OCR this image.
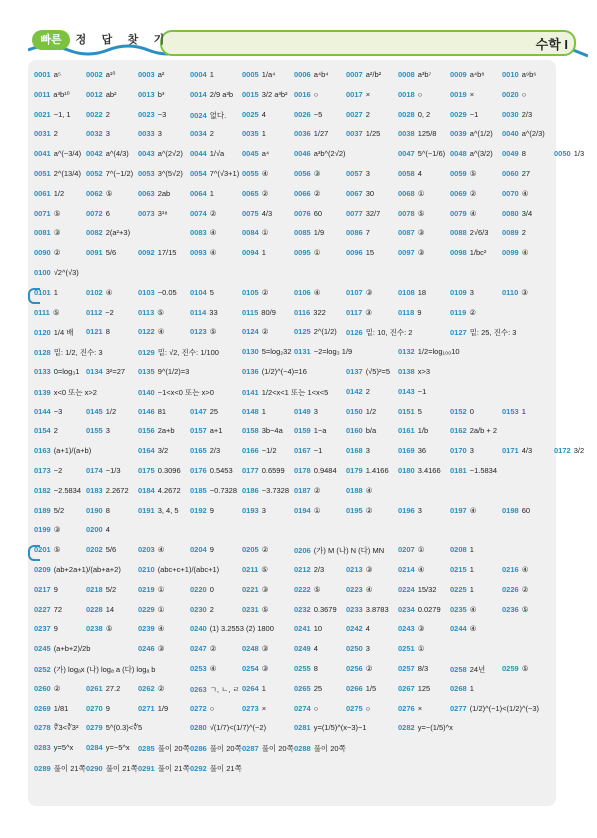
수학 I
빠른	정	답	찾	기
0001 a⁵	0002 a¹⁰	0003 a²	0004 1	0005 1/a⁴ 0006 a⁴b⁴ 0007 a²/b² 0008 a³b⁷	0009 a⁴b⁸ 0010 a⁹b⁶
0011 a³b¹⁰ 0012 ab²	0013 b³	0014 2/9 a³b 0015 3/2 a³b² 0016 ○	0017 ×	0018 ○	0019 ×	0020 ○
0021 −1, 1 0022 2	0023 −3	0024 없다. 0025 4	0026 −5	0027 2	0028 0, 2	0029 −1	0030 2/3
0031 2	0032 3	0033 3	0034 2	0035 1	0036 1/27 0037 1/25 0038 125/8 0039 a^(1/2) 0040 a^(2/3)
0041 a^(−3/4) 0042 a^(4/3) 0043 a^(2√2) 0044 1/√a 0045 a⁴	0046 a³b^(2√2)	0047 5^(−1/6) 0048 a^(3/2) 0049 8	0050 1/3
0051 2^(13/4) 0052 7^(−1/2) 0053 3^(5√2) 0054 7^(√3+1) 0055 ④	0056 ③	0057 3	0058 4	0059 ⑤	0060 27
0061 1/2	0062 ⑤	0063 2ab	0064 1	0065 ②	0066 ②	0067 30	0068 ①	0069 ②	0070 ④
0071 ⑤	0072 6	0073 3¹⁸	0074 ②	0075 4/3	0076 60	0077 32/7 0078 ⑤	0079 ④	0080 3/4
0081 ③	0082 2(a²+3)	0083 ④	0084 ①	0085 1/9	0086 7	0087 ③	0088 2√6/3 0089 2
0090 ②	0091 5/6	0092 17/15 0093 ④	0094 1	0095 ①	0096 15	0097 ③	0098 1/bc² 0099 ④
0100 √2^(√3)
0101 1	0102 ④	0103 −0.05 0104 5	0105 ②	0106 ④	0107 ③	0108 18	0109 3	0110 ③
0111 ⑤	0112 −2	0113 ⑤	0114 33	0115 80/9 0116 322	0117 ③	0118 9	0119 ②
0120 1/4 배 0121 8	0122 ④	0123 ⑤	0124 ②	0125 2^(1/2) 0126 밑: 10, 진수: 2	0127 밑: 25, 진수: 3
0128 밑: 1/2, 진수: 3	0129 밑: √2, 진수: 1/100	0130 5=log₂32 0131 −2=log₃ 1/9	0132 1/2=log₁₀₀10
0133 0=log₃1 0134 3²=27 0135 9^(1/2)=3	0136 (1/2)^(−4)=16	0137 (√5)²=5 0138 x>3
0139 x<0 또는 x>2	0140 −1<x<0 또는 x>0	0141 1/2<x<1 또는 1<x<5 0142 2	0143 −1
0144 −3	0145 1/2	0146 81	0147 25	0148 1	0149 3	0150 1/2	0151 5	0152 0	0153 1
0154 2	0155 3	0156 2a+b 0157 a+1	0158 3b−4a 0159 1−a	0160 b/a	0161 1/b	0162 2a/b + 2
0163 (a+1)/(a+b)	0164 3/2	0165 2/3	0166 −1/2 0167 −1	0168 3	0169 36	0170 3	0171 4/3	0172 3/2
0173 −2	0174 −1/3 0175 0.3096 0176 0.5453 0177 0.6599 0178 0.9484 0179 1.4166 0180 3.4166 0181 −1.5834
0182 −2.5834 0183 2.2672 0184 4.2672 0185 −0.7328 0186 −3.7328 0187 ②	0188 ④
0189 5/2	0190 8	0191 3, 4, 5 0192 9	0193 3	0194 ①	0195 ②	0196 3	0197 ④	0198 60
0199 ③	0200 4
0201 ⑤	0202 5/6	0203 ④	0204 9	0205 ②	0206 (가) M (나) N (다) MN 0207 ①	0208 1
0209 (ab+2a+1)/(ab+a+2) 0210 (abc+c+1)/(abc+1)	0211 ⑤	0212 2/3	0213 ③	0214 ④	0215 1	0216 ④
0217 9	0218 5/2	0219 ①	0220 0	0221 ③	0222 ⑤	0223 ④	0224 15/32 0225 1	0226 ②
0227 72	0228 14	0229 ①	0230 2	0231 ⑤	0232 0.3679 0233 3.8783 0234 0.0279 0235 ④	0236 ⑤
0237 9	0238 ⑤	0239 ④	0240 (1) 3.2553 (2) 1800	0241 10	0242 4	0243 ③	0244 ④
0245 (a+b+2)/2b	0246 ③	0247 ②	0248 ③	0249 4	0250 3	0251 ①
0252 (가) logₐx (나) logₐ a (다) logₐ b	0253 ④	0254 ③	0255 8	0256 ②	0257 8/3	0258 24년 0259 ⑤
0260 ②	0261 27.2 0262 ②	0263 ㄱ, ㄴ, ㄹ 0264 1	0265 25	0266 1/5	0267 125	0268 1
0269 1/81 0270 9	0271 1/9	0272 ○	0273 ×	0274 ○	0275 ○	0276 ×	0277 (1/2)^(−1)<(1/2)^(−3)
0278 ∜3<∛3² 0279 5^(0.3)<∜5	0280 √(1/7)<(1/7)^(−2)	0281 y=(1/5)^(x−3)−1	0282 y=−(1/5)^x
0283 y=5^x 0284 y=−5^x 0285 풀이 20쪽 0286 풀이 20쪽 0287 풀이 20쪽 0288 풀이 20쪽
0289 풀이 21쪽 0290 풀이 21쪽 0291 풀이 21쪽 0292 풀이 21쪽
